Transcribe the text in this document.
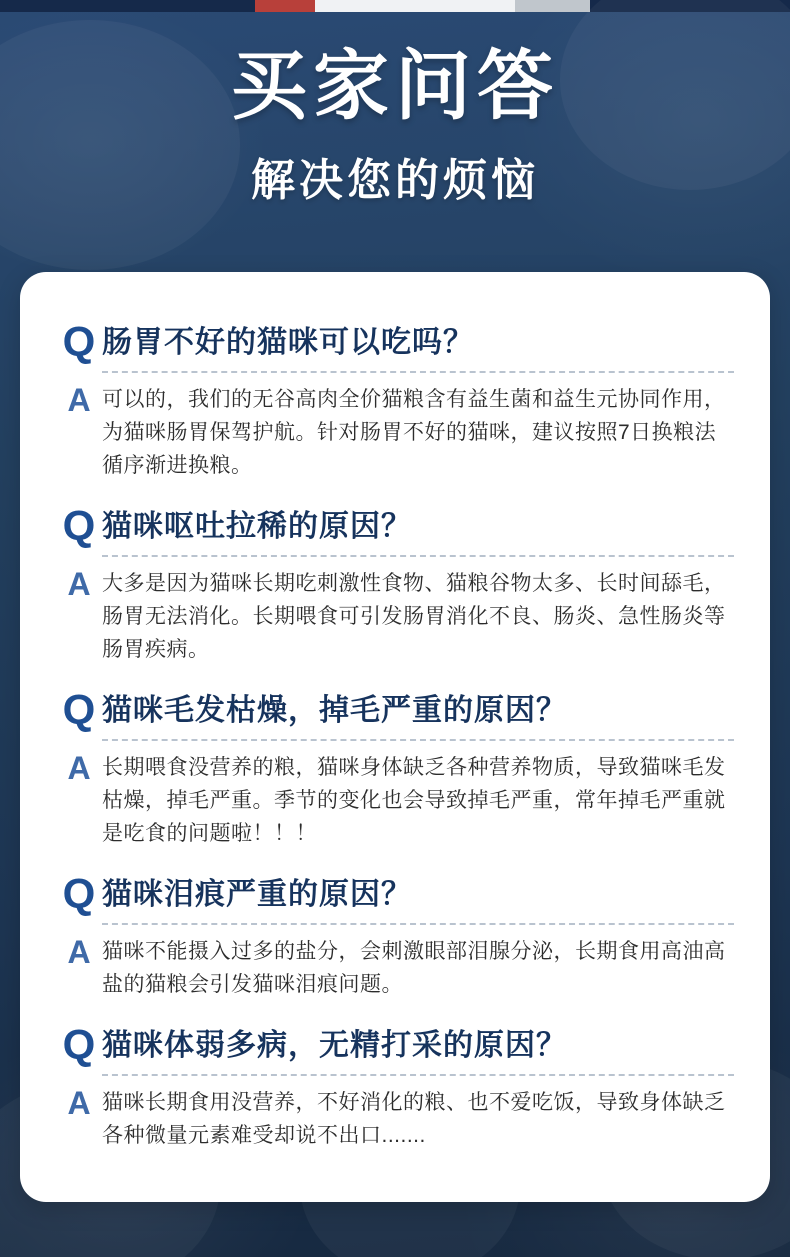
买家问答
解决您的烦恼
Q 肠胃不好的猫咪可以吃吗？
A 可以的，我们的无谷高肉全价猫粮含有益生菌和益生元协同作用，为猫咪肠胃保驾护航。针对肠胃不好的猫咪，建议按照7日换粮法循序渐进换粮。
Q 猫咪呕吐拉稀的原因？
A 大多是因为猫咪长期吃刺激性食物、猫粮谷物太多、长时间舔毛，肠胃无法消化。长期喂食可引发肠胃消化不良、肠炎、急性肠炎等肠胃疾病。
Q 猫咪毛发枯燥，掉毛严重的原因？
A 长期喂食没营养的粮，猫咪身体缺乏各种营养物质，导致猫咪毛发枯燥，掉毛严重。季节的变化也会导致掉毛严重，常年掉毛严重就是吃食的问题啦！！！
Q 猫咪泪痕严重的原因？
A 猫咪不能摄入过多的盐分，会刺激眼部泪腺分泌，长期食用高油高盐的猫粮会引发猫咪泪痕问题。
Q 猫咪体弱多病，无精打采的原因？
A 猫咪长期食用没营养，不好消化的粮、也不爱吃饭，导致身体缺乏各种微量元素难受却说不出口.......
